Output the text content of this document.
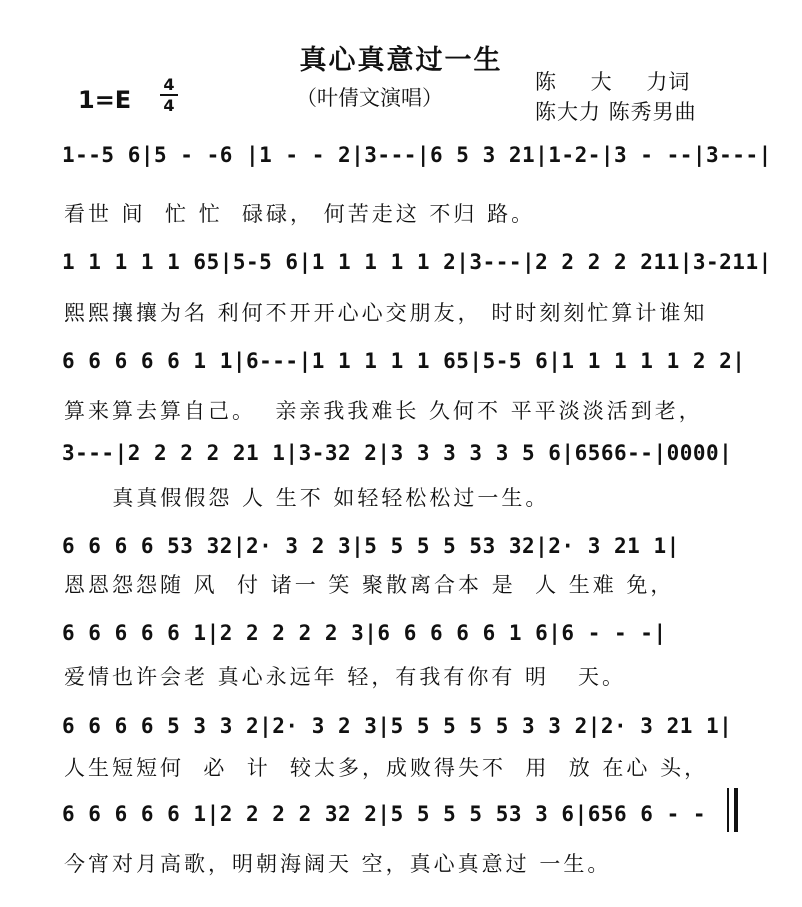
真心真意过一生
（叶倩文演唱）
1=E
4
4
陈 大 力词
陈大力 陈秀男曲
1--5 6|5 - -6 |1 - - 2|3---|6 5 3 21|1-2-|3 - --|3---|
看世 间  忙 忙  碌碌， 何苦走这 不归 路。
1 1 1 1 1 65|5-5 6|1 1 1 1 1 2|3---|2 2 2 2 211|3-211|
熙熙攘攘为名 利何不开开心心交朋友， 时时刻刻忙算计谁知
6 6 6 6 6 1 1|6---|1 1 1 1 1 65|5-5 6|1 1 1 1 1 2 2|
算来算去算自己。  亲亲我我难长 久何不 平平淡淡活到老，
3---|2 2 2 2 21 1|3-32 2|3 3 3 3 3 5 6|6566--|0000|
真真假假怨 人 生不 如轻轻松松过一生。
6 6 6 6 53 32|2· 3 2 3|5 5 5 5 53 32|2· 3 21 1|
恩恩怨怨随 风  付 诸一 笑 聚散离合本 是  人 生难 免，
6 6 6 6 6 1|2 2 2 2 2 3|6 6 6 6 6 1 6|6 - - -|
爱情也许会老 真心永远年 轻，有我有你有 明   天。
6 6 6 6 5 3 3 2|2· 3 2 3|5 5 5 5 5 3 3 2|2· 3 21 1|
人生短短何  必  计  较太多，成败得失不  用  放 在心 头，
6 6 6 6 6 1|2 2 2 2 32 2|5 5 5 5 53 3 6|656 6 - -
今宵对月高歌，明朝海阔天 空，真心真意过 一生。
